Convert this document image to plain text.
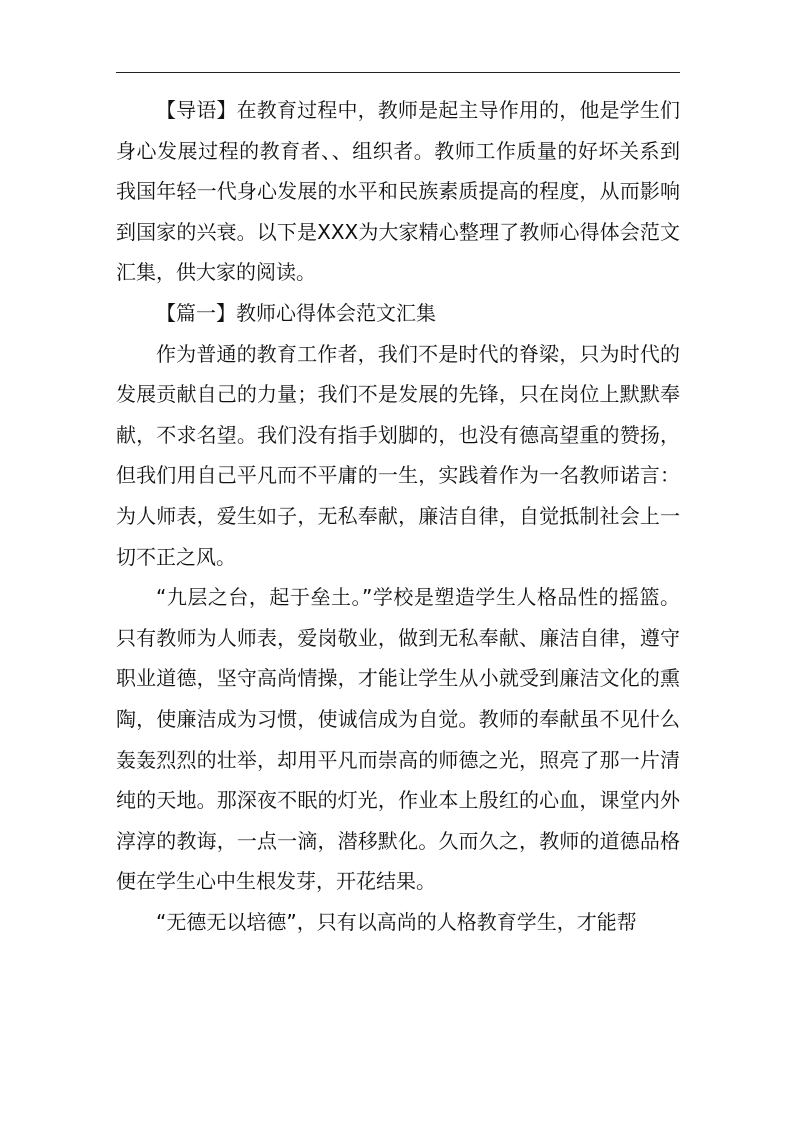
【导语】在教育过程中，教师是起主导作用的，他是学生们身心发展过程的教育者、、组织者。教师工作质量的好坏关系到我国年轻一代身心发展的水平和民族素质提高的程度，从而影响到国家的兴衰。以下是XXX为大家精心整理了教师心得体会范文汇集，供大家的阅读。

【篇一】教师心得体会范文汇集

作为普通的教育工作者，我们不是时代的脊梁，只为时代的发展贡献自己的力量；我们不是发展的先锋，只在岗位上默默奉献，不求名望。我们没有指手划脚的，也没有德高望重的赞扬，但我们用自己平凡而不平庸的一生，实践着作为一名教师诺言：为人师表，爱生如子，无私奉献，廉洁自律，自觉抵制社会上一切不正之风。

“九层之台，起于垒土。”学校是塑造学生人格品性的摇篮。只有教师为人师表，爱岗敬业，做到无私奉献、廉洁自律，遵守职业道德，坚守高尚情操，才能让学生从小就受到廉洁文化的熏陶，使廉洁成为习惯，使诚信成为自觉。教师的奉献虽不见什么轰轰烈烈的壮举，却用平凡而崇高的师德之光，照亮了那一片清纯的天地。那深夜不眠的灯光，作业本上殷红的心血，课堂内外淳淳的教诲，一点一滴，潜移默化。久而久之，教师的道德品格便在学生心中生根发芽，开花结果。

“无德无以培德”，只有以高尚的人格教育学生，才能帮
